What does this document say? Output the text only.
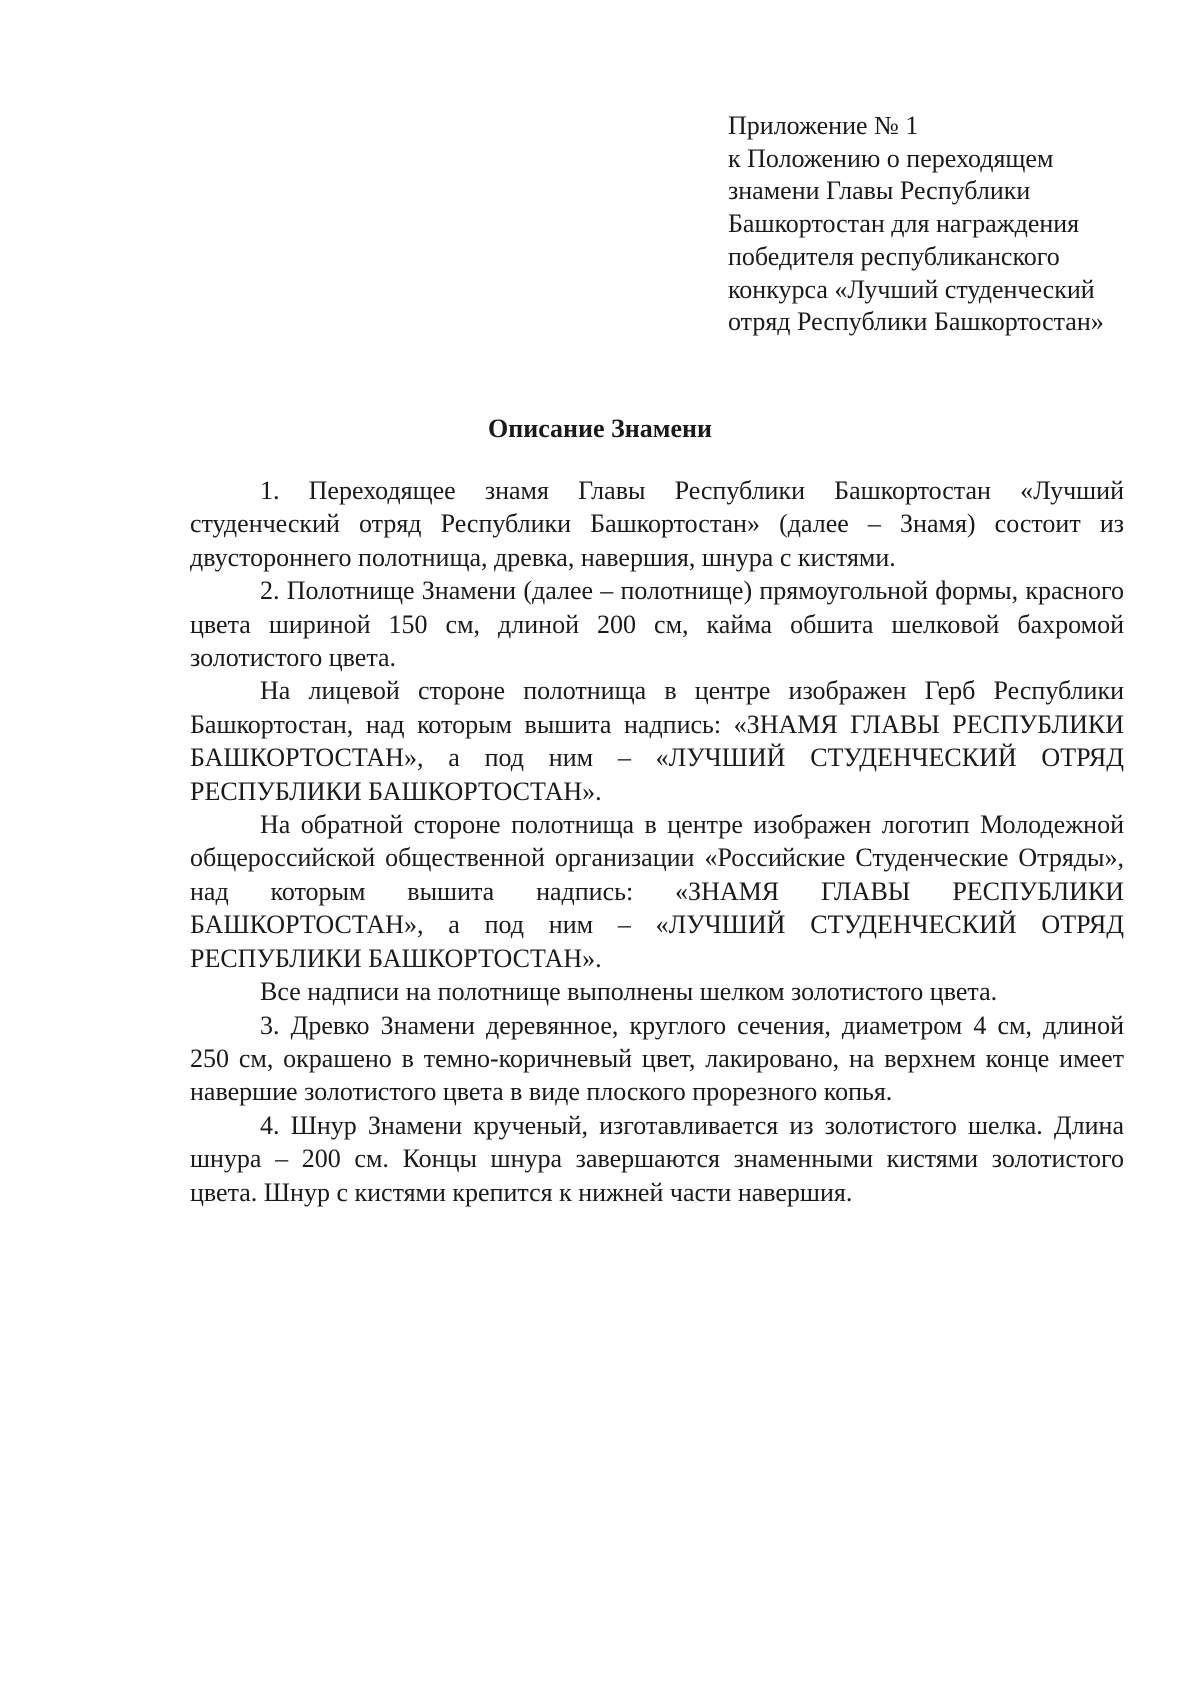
Приложение № 1
к Положению о переходящем
знамени Главы Республики
Башкортостан для награждения
победителя республиканского
конкурса «Лучший студенческий
отряд Республики Башкортостан»
Описание Знамени

1. Переходящее знамя Главы Республики Башкортостан «Лучший студенческий отряд Республики Башкортостан» (далее – Знамя) состоит из двустороннего полотнища, древка, навершия, шнура с кистями.

2. Полотнище Знамени (далее – полотнище) прямоугольной формы, красного цвета шириной 150 см, длиной 200 см, кайма обшита шелковой бахромой золотистого цвета.

На лицевой стороне полотнища в центре изображен Герб Республики Башкортостан, над которым вышита надпись: «ЗНАМЯ ГЛАВЫ РЕСПУБЛИКИ БАШКОРТОСТАН», а под ним – «ЛУЧШИЙ СТУДЕНЧЕСКИЙ ОТРЯД РЕСПУБЛИКИ БАШКОРТОСТАН».

На обратной стороне полотнища в центре изображен логотип Молодежной общероссийской общественной организации «Российские Студенческие Отряды», над которым вышита надпись: «ЗНАМЯ ГЛАВЫ РЕСПУБЛИКИ БАШКОРТОСТАН», а под ним – «ЛУЧШИЙ СТУДЕНЧЕСКИЙ ОТРЯД РЕСПУБЛИКИ БАШКОРТОСТАН».

Все надписи на полотнище выполнены шелком золотистого цвета.

3. Древко Знамени деревянное, круглого сечения, диаметром 4 см, длиной 250 см, окрашено в темно-коричневый цвет, лакировано, на верхнем конце имеет навершие золотистого цвета в виде плоского прорезного копья.

4. Шнур Знамени крученый, изготавливается из золотистого шелка. Длина шнура – 200 см. Концы шнура завершаются знаменными кистями золотистого цвета. Шнур с кистями крепится к нижней части навершия.
